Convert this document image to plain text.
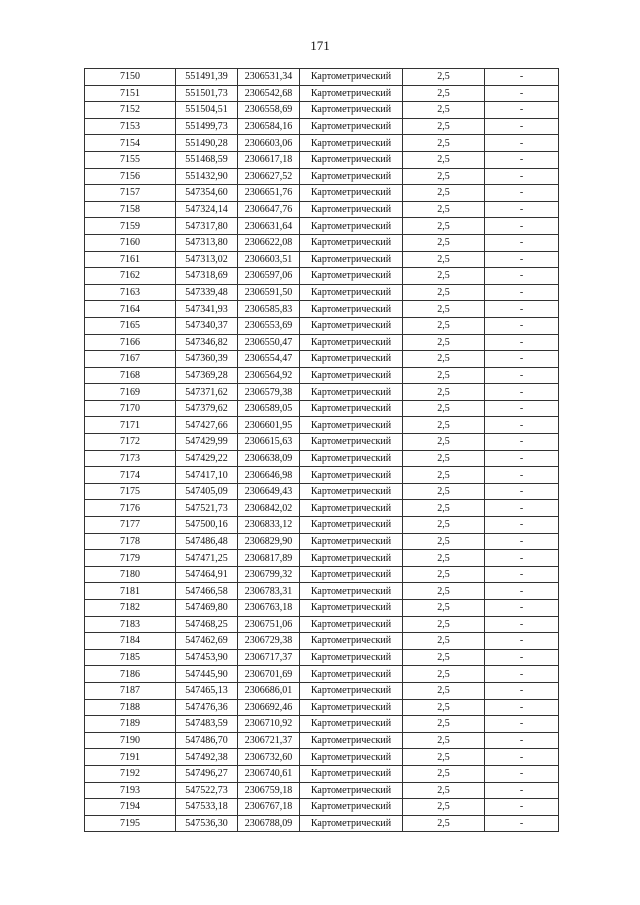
171
7150	551491,39	2306531,34	Картометрический	2,5	-
7151	551501,73	2306542,68	Картометрический	2,5	-
7152	551504,51	2306558,69	Картометрический	2,5	-
7153	551499,73	2306584,16	Картометрический	2,5	-
7154	551490,28	2306603,06	Картометрический	2,5	-
7155	551468,59	2306617,18	Картометрический	2,5	-
7156	551432,90	2306627,52	Картометрический	2,5	-
7157	547354,60	2306651,76	Картометрический	2,5	-
7158	547324,14	2306647,76	Картометрический	2,5	-
7159	547317,80	2306631,64	Картометрический	2,5	-
7160	547313,80	2306622,08	Картометрический	2,5	-
7161	547313,02	2306603,51	Картометрический	2,5	-
7162	547318,69	2306597,06	Картометрический	2,5	-
7163	547339,48	2306591,50	Картометрический	2,5	-
7164	547341,93	2306585,83	Картометрический	2,5	-
7165	547340,37	2306553,69	Картометрический	2,5	-
7166	547346,82	2306550,47	Картометрический	2,5	-
7167	547360,39	2306554,47	Картометрический	2,5	-
7168	547369,28	2306564,92	Картометрический	2,5	-
7169	547371,62	2306579,38	Картометрический	2,5	-
7170	547379,62	2306589,05	Картометрический	2,5	-
7171	547427,66	2306601,95	Картометрический	2,5	-
7172	547429,99	2306615,63	Картометрический	2,5	-
7173	547429,22	2306638,09	Картометрический	2,5	-
7174	547417,10	2306646,98	Картометрический	2,5	-
7175	547405,09	2306649,43	Картометрический	2,5	-
7176	547521,73	2306842,02	Картометрический	2,5	-
7177	547500,16	2306833,12	Картометрический	2,5	-
7178	547486,48	2306829,90	Картометрический	2,5	-
7179	547471,25	2306817,89	Картометрический	2,5	-
7180	547464,91	2306799,32	Картометрический	2,5	-
7181	547466,58	2306783,31	Картометрический	2,5	-
7182	547469,80	2306763,18	Картометрический	2,5	-
7183	547468,25	2306751,06	Картометрический	2,5	-
7184	547462,69	2306729,38	Картометрический	2,5	-
7185	547453,90	2306717,37	Картометрический	2,5	-
7186	547445,90	2306701,69	Картометрический	2,5	-
7187	547465,13	2306686,01	Картометрический	2,5	-
7188	547476,36	2306692,46	Картометрический	2,5	-
7189	547483,59	2306710,92	Картометрический	2,5	-
7190	547486,70	2306721,37	Картометрический	2,5	-
7191	547492,38	2306732,60	Картометрический	2,5	-
7192	547496,27	2306740,61	Картометрический	2,5	-
7193	547522,73	2306759,18	Картометрический	2,5	-
7194	547533,18	2306767,18	Картометрический	2,5	-
7195	547536,30	2306788,09	Картометрический	2,5	-
